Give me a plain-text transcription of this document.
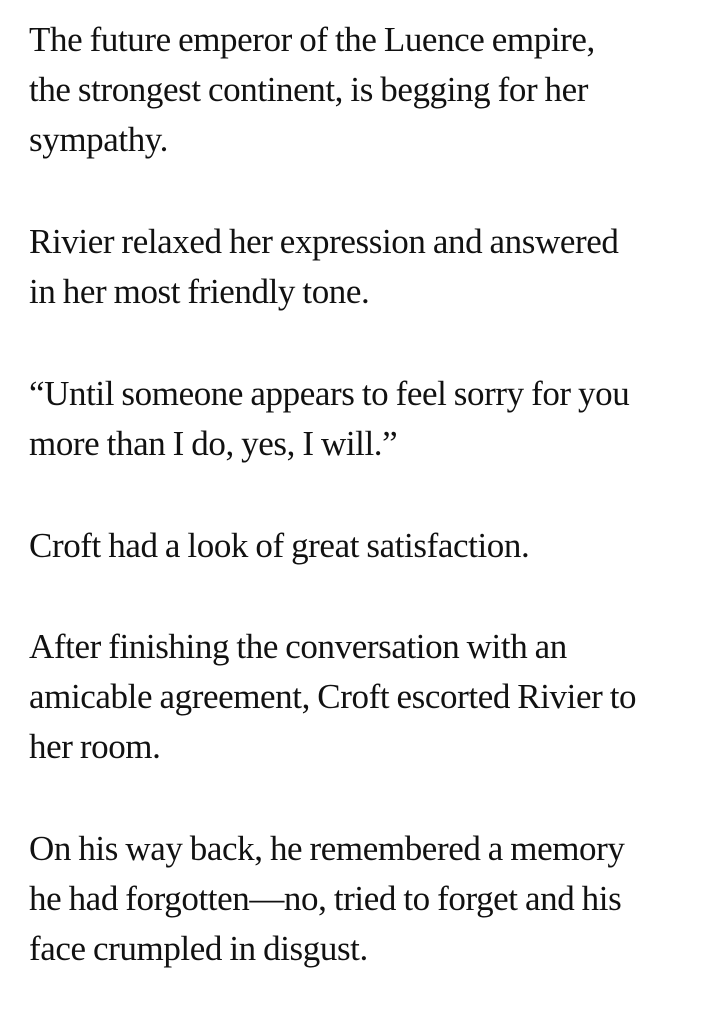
The future emperor of the Luence empire,
the strongest continent, is begging for her
sympathy.

Rivier relaxed her expression and answered
in her most friendly tone.

“Until someone appears to feel sorry for you
more than I do, yes, I will.”

Croft had a look of great satisfaction.

After finishing the conversation with an
amicable agreement, Croft escorted Rivier to
her room.

On his way back, he remembered a memory
he had forgotten—no, tried to forget and his
face crumpled in disgust.
